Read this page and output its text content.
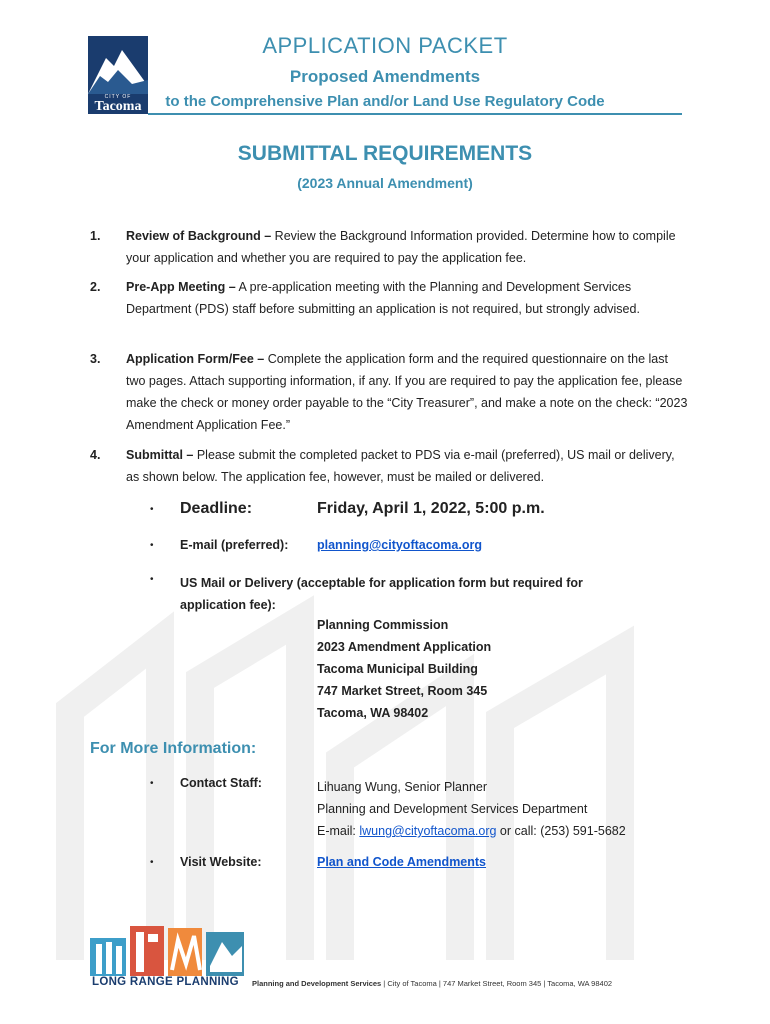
CITY OF
Tacoma
APPLICATION PACKET
Proposed Amendments
to the Comprehensive Plan and/or Land Use Regulatory Code
SUBMITTAL REQUIREMENTS
(2023 Annual Amendment)
1. Review of Background – Review the Background Information provided. Determine how to compile your application and whether you are required to pay the application fee.
2. Pre-App Meeting – A pre-application meeting with the Planning and Development Services Department (PDS) staff before submitting an application is not required, but strongly advised.
3. Application Form/Fee – Complete the application form and the required questionnaire on the last two pages. Attach supporting information, if any. If you are required to pay the application fee, please make the check or money order payable to the “City Treasurer”, and make a note on the check: “2023 Amendment Application Fee.”
4. Submittal – Please submit the completed packet to PDS via e-mail (preferred), US mail or delivery, as shown below. The application fee, however, must be mailed or delivered.
• Deadline:	Friday, April 1, 2022, 5:00 p.m.
• E-mail (preferred): planning@cityoftacoma.org
• US Mail or Delivery (acceptable for application form but required for
application fee):
Planning Commission
2023 Amendment Application
Tacoma Municipal Building
747 Market Street, Room 345
Tacoma, WA 98402
For More Information:
• Contact Staff:	Lihuang Wung, Senior Planner
Planning and Development Services Department
E-mail: lwung@cityoftacoma.org or call: (253) 591-5682
• Visit Website:	Plan and Code Amendments
LONG RANGE PLANNING Planning and Development Services | City of Tacoma | 747 Market Street, Room 345 | Tacoma, WA 98402
